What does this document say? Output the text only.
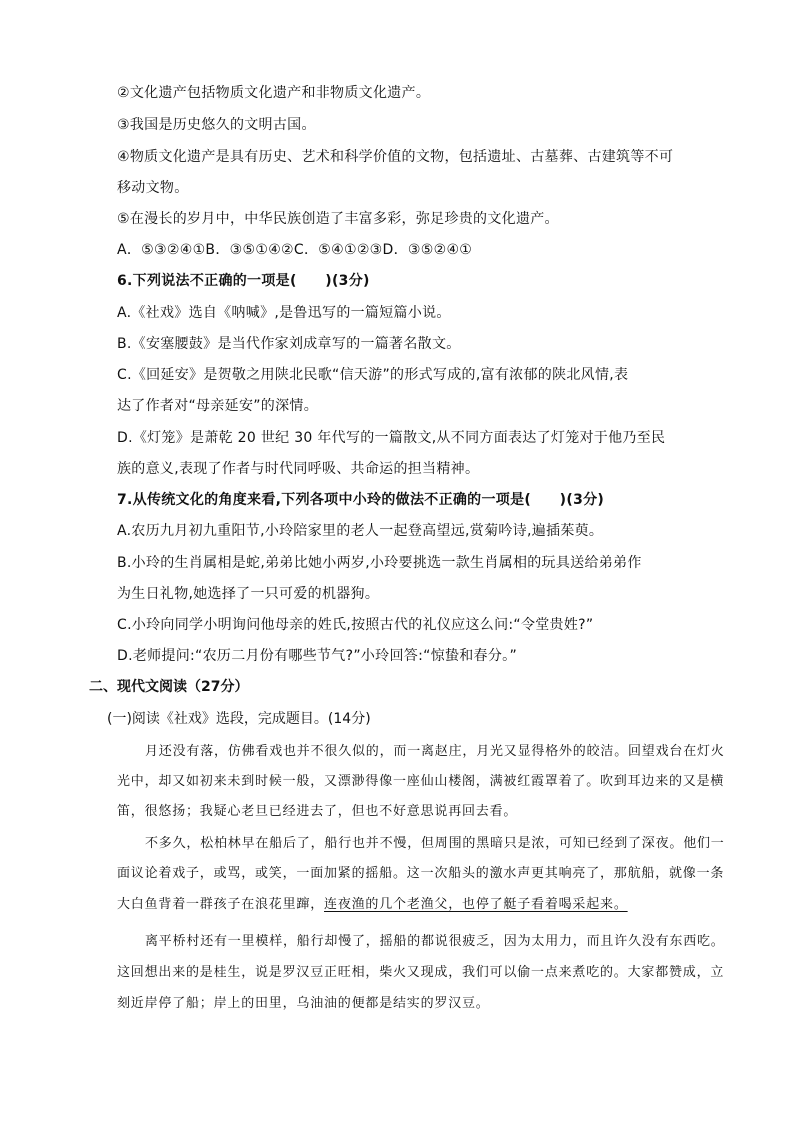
②文化遗产包括物质文化遗产和非物质文化遗产。
③我国是历史悠久的文明古国。
④物质文化遗产是具有历史、艺术和科学价值的文物，包括遗址、古墓葬、古建筑等不可
移动文物。
⑤在漫长的岁月中，中华民族创造了丰富多彩，弥足珍贵的文化遗产。
A．⑤③②④①B．③⑤①④②C．⑤④①②③D．③⑤②④①
6.下列说法不正确的一项是(　　)(3分)
A.《社戏》选自《呐喊》,是鲁迅写的一篇短篇小说。
B.《安塞腰鼓》是当代作家刘成章写的一篇著名散文。
C.《回延安》是贺敬之用陕北民歌“信天游”的形式写成的,富有浓郁的陕北风情,表
达了作者对“母亲延安”的深情。
D.《灯笼》是萧乾 20 世纪 30 年代写的一篇散文,从不同方面表达了灯笼对于他乃至民
族的意义,表现了作者与时代同呼吸、共命运的担当精神。
7.从传统文化的角度来看,下列各项中小玲的做法不正确的一项是(　　)(3分)
A.农历九月初九重阳节,小玲陪家里的老人一起登高望远,赏菊吟诗,遍插茱萸。
B.小玲的生肖属相是蛇,弟弟比她小两岁,小玲要挑选一款生肖属相的玩具送给弟弟作
为生日礼物,她选择了一只可爱的机器狗。
C.小玲向同学小明询问他母亲的姓氏,按照古代的礼仪应这么问:“令堂贵姓?”
D.老师提问:“农历二月份有哪些节气?”小玲回答:“惊蛰和春分。”
二、现代文阅读（27分）
(一)阅读《社戏》选段，完成题目。(14分)
月还没有落，仿佛看戏也并不很久似的，而一离赵庄，月光又显得格外的皎洁。回望戏台在灯火
光中，却又如初来未到时候一般，又漂渺得像一座仙山楼阁，满被红霞罩着了。吹到耳边来的又是横
笛，很悠扬；我疑心老旦已经进去了，但也不好意思说再回去看。
不多久，松柏林早在船后了，船行也并不慢，但周围的黑暗只是浓，可知已经到了深夜。他们一
面议论着戏子，或骂，或笑，一面加紧的摇船。这一次船头的激水声更其响亮了，那航船，就像一条
大白鱼背着一群孩子在浪花里蹿，连夜渔的几个老渔父，也停了艇子看着喝采起来。
离平桥村还有一里模样，船行却慢了，摇船的都说很疲乏，因为太用力，而且许久没有东西吃。
这回想出来的是桂生，说是罗汉豆正旺相，柴火又现成，我们可以偷一点来煮吃的。大家都赞成，立
刻近岸停了船；岸上的田里，乌油油的便都是结实的罗汉豆。
